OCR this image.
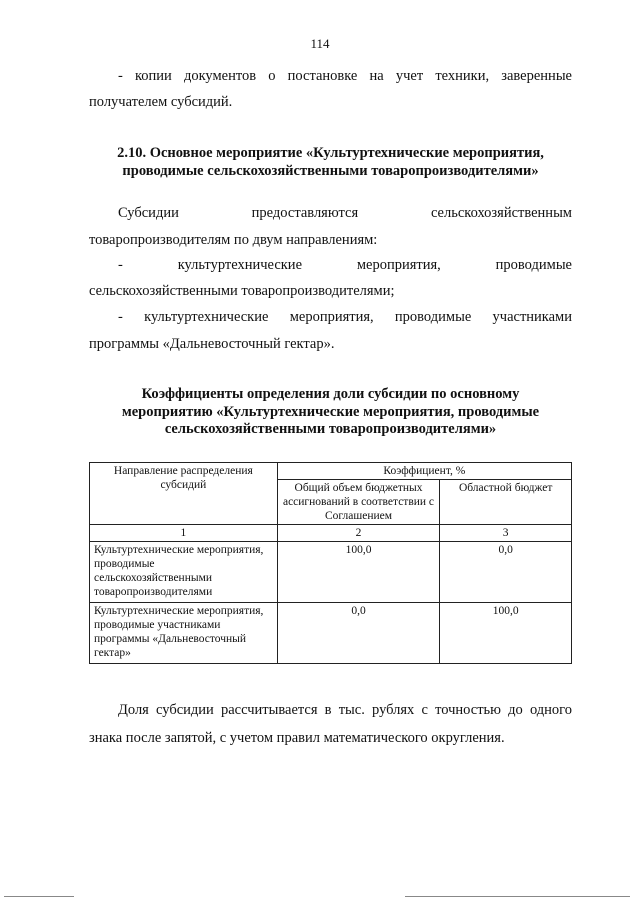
114
- копии документов о постановке на учет техники, заверенные
получателем субсидий.
2.10. Основное мероприятие «Культуртехнические мероприятия,
проводимые сельскохозяйственными товаропроизводителями»
Субсидии предоставляются сельскохозяйственным
товаропроизводителям по двум направлениям:
- культуртехнические мероприятия, проводимые
сельскохозяйственными товаропроизводителями;
- культуртехнические мероприятия, проводимые участниками
программы «Дальневосточный гектар».
Коэффициенты определения доли субсидии по основному
мероприятию «Культуртехнические мероприятия, проводимые
сельскохозяйственными товаропроизводителями»
Направление распределения субсидий	Коэффициент, %	
	Общий объем бюджетных ассигнований в соответствии с Соглашением	Областной бюджет
1	2	3
Культуртехнические мероприятия, проводимые сельскохозяйственными товаропроизводителями	100,0	0,0
Культуртехнические мероприятия, проводимые участниками программы «Дальневосточный гектар»	0,0	100,0
Доля субсидии рассчитывается в тыс. рублях с точностью до одного
знака после запятой, с учетом правил математического округления.
